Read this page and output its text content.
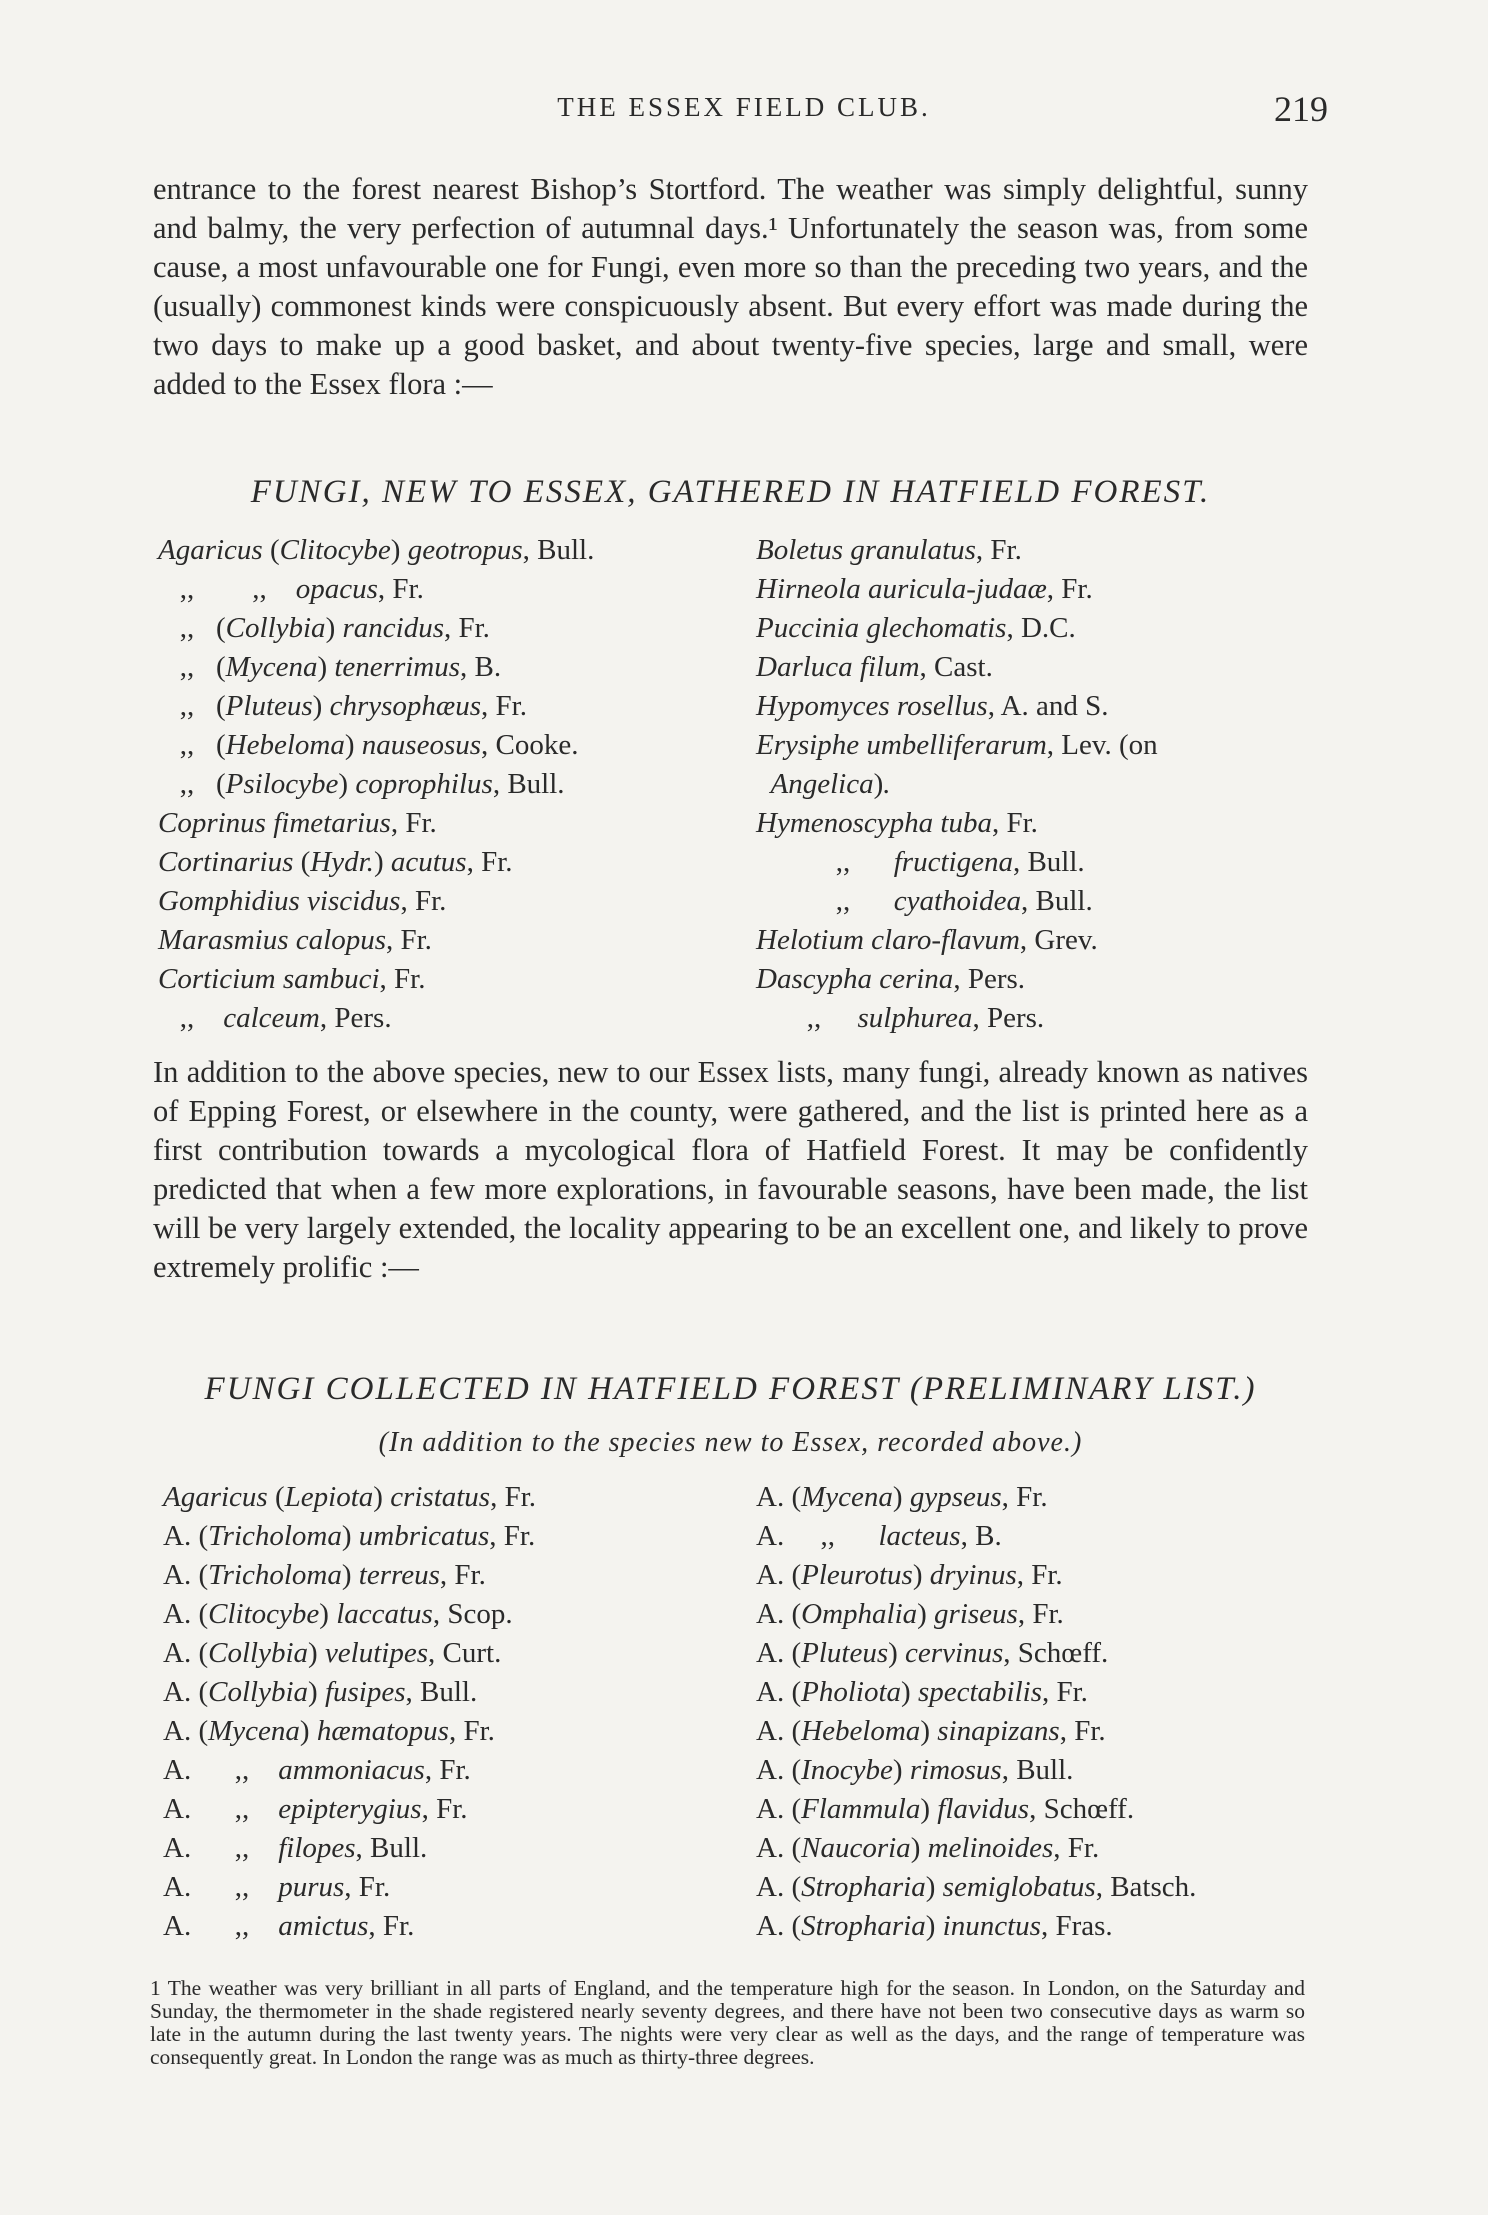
THE ESSEX FIELD CLUB.	219
entrance to the forest nearest Bishop’s Stortford. The weather was simply delightful, sunny and balmy, the very perfection of autumnal days.¹ Unfortunately the season was, from some cause, a most unfavourable one for Fungi, even more so than the preceding two years, and the (usually) commonest kinds were conspicuously absent. But every effort was made during the two days to make up a good basket, and about twenty-five species, large and small, were added to the Essex flora :—
FUNGI, NEW TO ESSEX, GATHERED IN HATFIELD FOREST.
Agaricus (Clitocybe) geotropus, Bull.
,,        ,,    opacus, Fr.
,,   (Collybia) rancidus, Fr.
,,   (Mycena) tenerrimus, B.
,,   (Pluteus) chrysophæus, Fr.
,,   (Hebeloma) nauseosus, Cooke.
,,   (Psilocybe) coprophilus, Bull.
Coprinus fimetarius, Fr.
Cortinarius (Hydr.) acutus, Fr.
Gomphidius viscidus, Fr.
Marasmius calopus, Fr.
Corticium sambuci, Fr.
,,    calceum, Pers.
Boletus granulatus, Fr.
Hirneola auricula-judaæ, Fr.
Puccinia glechomatis, D.C.
Darluca filum, Cast.
Hypomyces rosellus, A. and S.
Erysiphe umbelliferarum, Lev. (on
Angelica).
Hymenoscypha tuba, Fr.
,,      fructigena, Bull.
,,      cyathoidea, Bull.
Helotium claro-flavum, Grev.
Dascypha cerina, Pers.
,,     sulphurea, Pers.
In addition to the above species, new to our Essex lists, many fungi, already known as natives of Epping Forest, or elsewhere in the county, were gathered, and the list is printed here as a first contribution towards a mycological flora of Hatfield Forest. It may be confidently predicted that when a few more explorations, in favourable seasons, have been made, the list will be very largely extended, the locality appearing to be an excellent one, and likely to prove extremely prolific :—
FUNGI COLLECTED IN HATFIELD FOREST (PRELIMINARY LIST.)
(In addition to the species new to Essex, recorded above.)
Agaricus (Lepiota) cristatus, Fr.
A. (Tricholoma) umbricatus, Fr.
A. (Tricholoma) terreus, Fr.
A. (Clitocybe) laccatus, Scop.
A. (Collybia) velutipes, Curt.
A. (Collybia) fusipes, Bull.
A. (Mycena) hæmatopus, Fr.
A.      ,,    ammoniacus, Fr.
A.      ,,    epipterygius, Fr.
A.      ,,    filopes, Bull.
A.      ,,    purus, Fr.
A.      ,,    amictus, Fr.
A. (Mycena) gypseus, Fr.
A.     ,,      lacteus, B.
A. (Pleurotus) dryinus, Fr.
A. (Omphalia) griseus, Fr.
A. (Pluteus) cervinus, Schœff.
A. (Pholiota) spectabilis, Fr.
A. (Hebeloma) sinapizans, Fr.
A. (Inocybe) rimosus, Bull.
A. (Flammula) flavidus, Schœff.
A. (Naucoria) melinoides, Fr.
A. (Stropharia) semiglobatus, Batsch.
A. (Stropharia) inunctus, Fras.
1 The weather was very brilliant in all parts of England, and the temperature high for the season. In London, on the Saturday and Sunday, the thermometer in the shade registered nearly seventy degrees, and there have not been two consecutive days as warm so late in the autumn during the last twenty years. The nights were very clear as well as the days, and the range of temperature was consequently great. In London the range was as much as thirty-three degrees.
